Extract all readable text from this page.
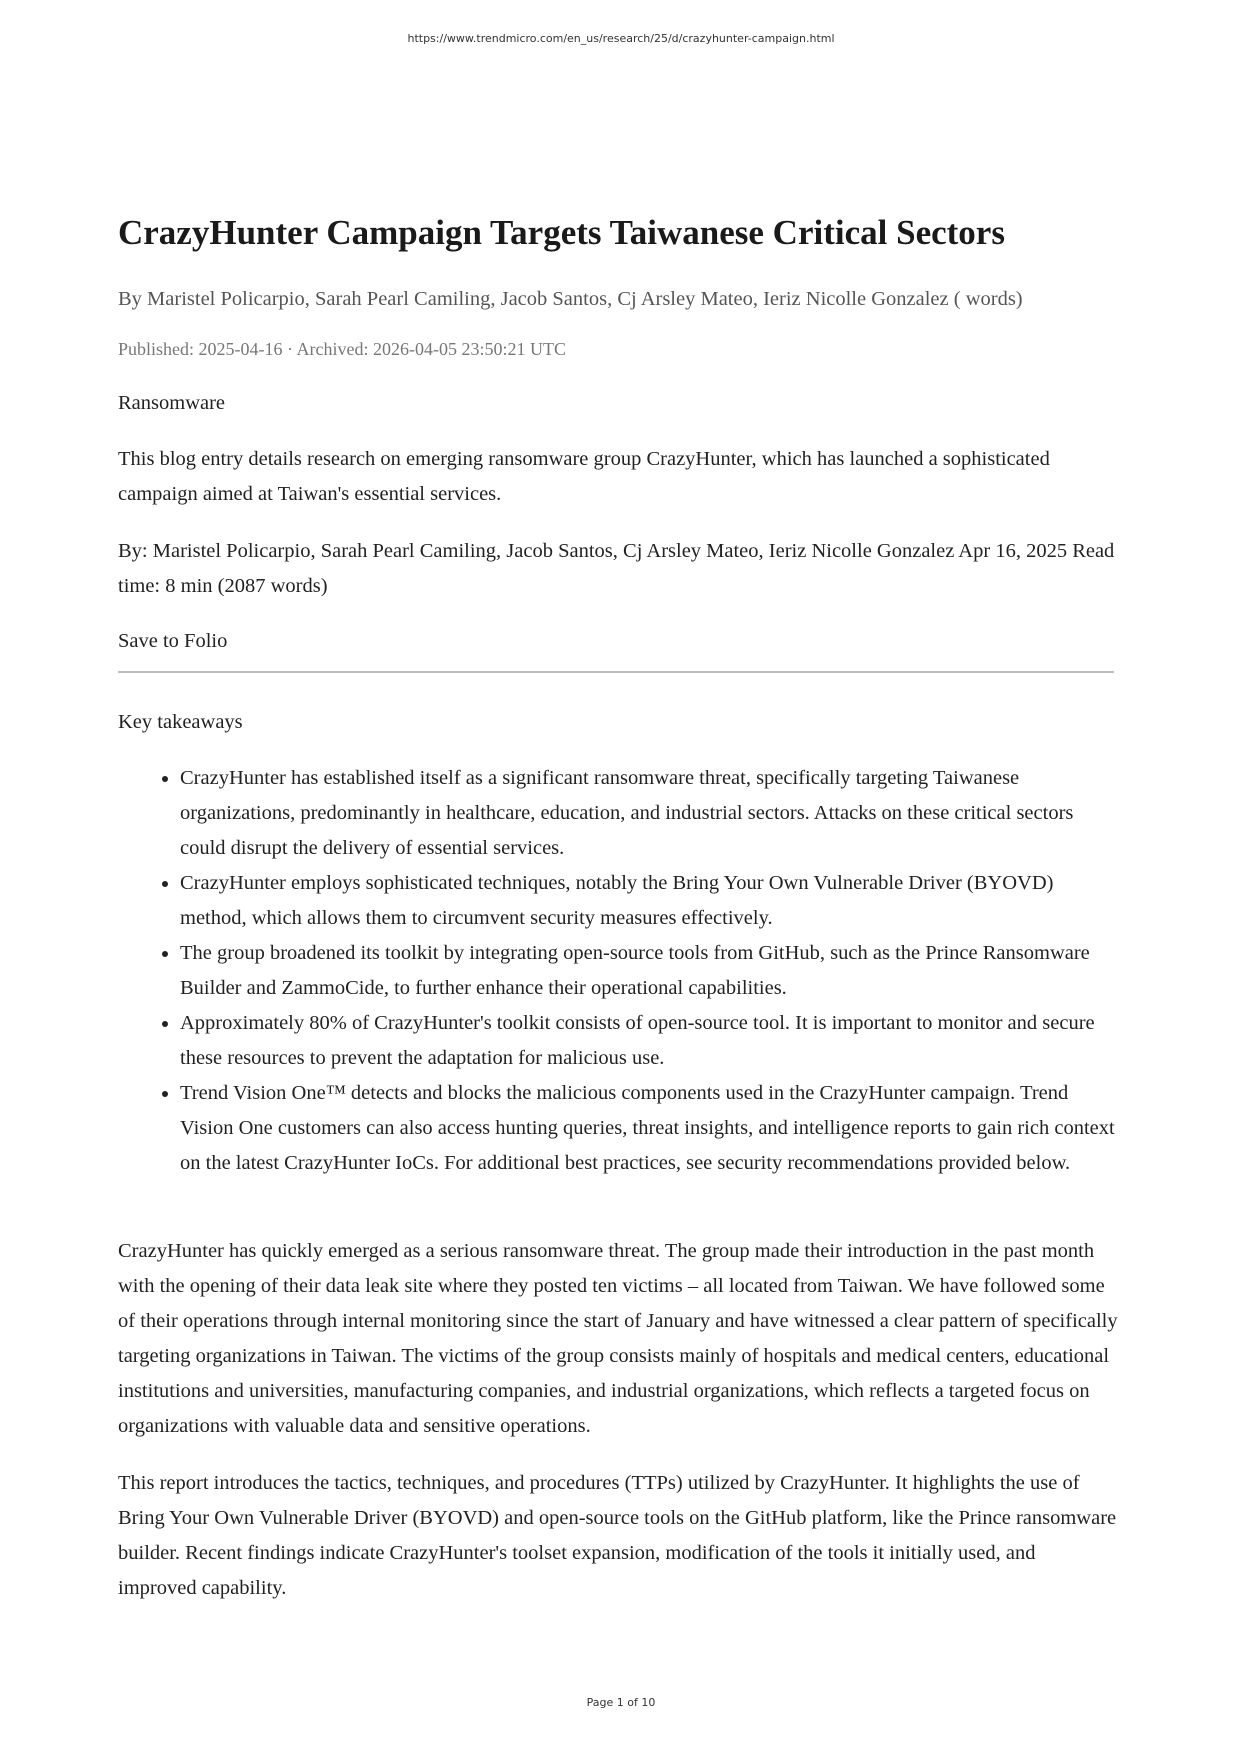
https://www.trendmicro.com/en_us/research/25/d/crazyhunter-campaign.html
CrazyHunter Campaign Targets Taiwanese Critical Sectors
By Maristel Policarpio, Sarah Pearl Camiling, Jacob Santos, Cj Arsley Mateo, Ieriz Nicolle Gonzalez ( words)
Published: 2025-04-16 · Archived: 2026-04-05 23:50:21 UTC
Ransomware

This blog entry details research on emerging ransomware group CrazyHunter, which has launched a sophisticated campaign aimed at Taiwan's essential services.

By: Maristel Policarpio, Sarah Pearl Camiling, Jacob Santos, Cj Arsley Mateo, Ieriz Nicolle Gonzalez Apr 16, 2025 Read time: 8 min (2087 words)

Save to Folio
Key takeaways
• CrazyHunter has established itself as a significant ransomware threat, specifically targeting Taiwanese organizations, predominantly in healthcare, education, and industrial sectors. Attacks on these critical sectors could disrupt the delivery of essential services.
• CrazyHunter employs sophisticated techniques, notably the Bring Your Own Vulnerable Driver (BYOVD) method, which allows them to circumvent security measures effectively.
• The group broadened its toolkit by integrating open-source tools from GitHub, such as the Prince Ransomware Builder and ZammoCide, to further enhance their operational capabilities.
• Approximately 80% of CrazyHunter's toolkit consists of open-source tool. It is important to monitor and secure these resources to prevent the adaptation for malicious use.
• Trend Vision One™ detects and blocks the malicious components used in the CrazyHunter campaign. Trend Vision One customers can also access hunting queries, threat insights, and intelligence reports to gain rich context on the latest CrazyHunter IoCs. For additional best practices, see security recommendations provided below.

CrazyHunter has quickly emerged as a serious ransomware threat. The group made their introduction in the past month with the opening of their data leak site where they posted ten victims – all located from Taiwan. We have followed some of their operations through internal monitoring since the start of January and have witnessed a clear pattern of specifically targeting organizations in Taiwan. The victims of the group consists mainly of hospitals and medical centers, educational institutions and universities, manufacturing companies, and industrial organizations, which reflects a targeted focus on organizations with valuable data and sensitive operations.

This report introduces the tactics, techniques, and procedures (TTPs) utilized by CrazyHunter. It highlights the use of Bring Your Own Vulnerable Driver (BYOVD) and open-source tools on the GitHub platform, like the Prince ransomware builder. Recent findings indicate CrazyHunter's toolset expansion, modification of the tools it initially used, and improved capability.

Page 1 of 10
